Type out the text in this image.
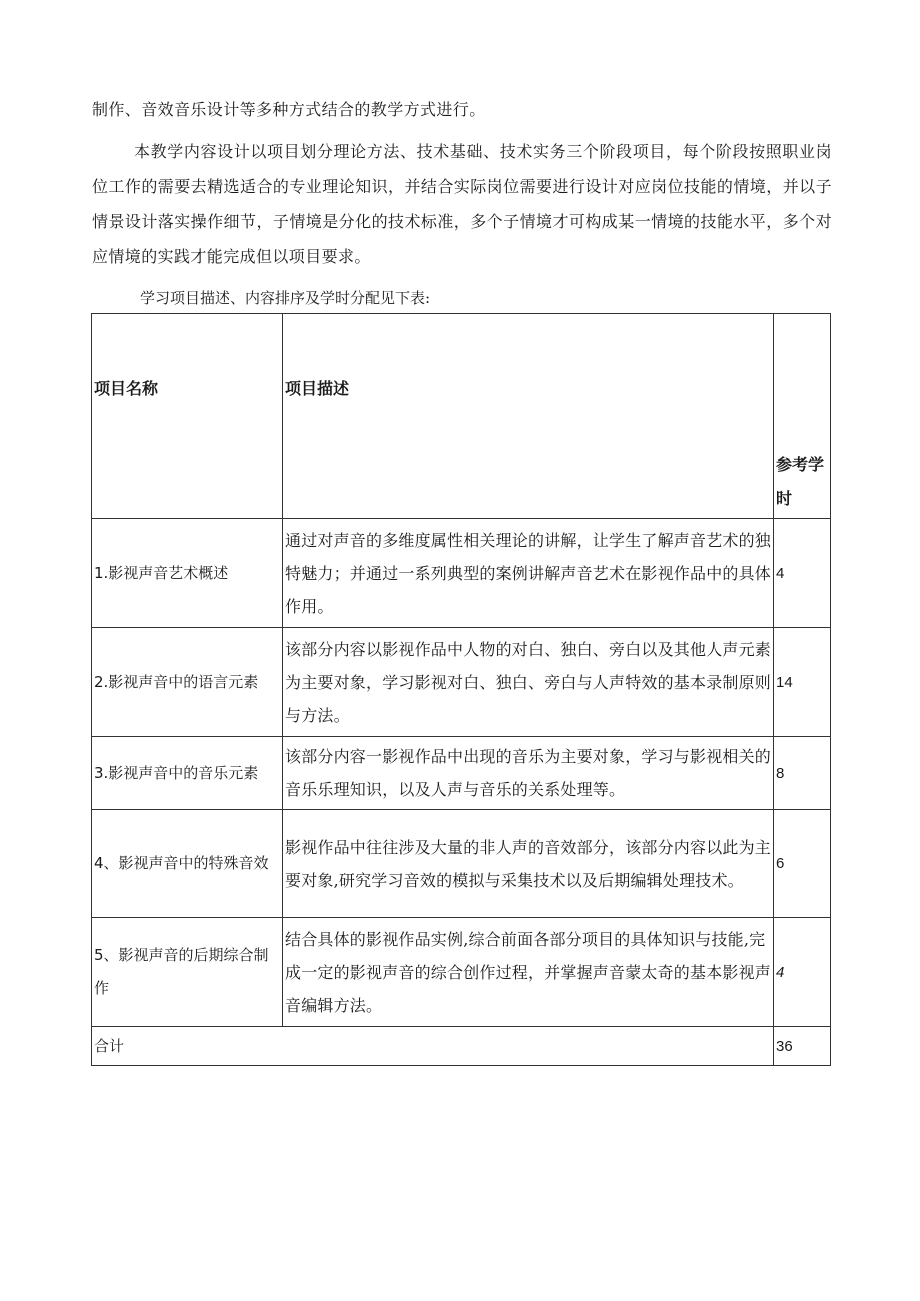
制作、音效音乐设计等多种方式结合的教学方式进行。

本教学内容设计以项目划分理论方法、技术基础、技术实务三个阶段项目，每个阶段按照职业岗位工作的需要去精选适合的专业理论知识，并结合实际岗位需要进行设计对应岗位技能的情境，并以子情景设计落实操作细节，子情境是分化的技术标准，多个子情境才可构成某一情境的技能水平，多个对应情境的实践才能完成但以项目要求。

学习项目描述、内容排序及学时分配见下表:

项目名称	项目描述	参考学时
1.影视声音艺术概述	通过对声音的多维度属性相关理论的讲解，让学生了解声音艺术的独特魅力；并通过一系列典型的案例讲解声音艺术在影视作品中的具体作用。	4
2.影视声音中的语言元素	该部分内容以影视作品中人物的对白、独白、旁白以及其他人声元素为主要对象，学习影视对白、独白、旁白与人声特效的基本录制原则与方法。	14
3.影视声音中的音乐元素	该部分内容一影视作品中出现的音乐为主要对象，学习与影视相关的音乐乐理知识，以及人声与音乐的关系处理等。	8
4、影视声音中的特殊音效	影视作品中往往涉及大量的非人声的音效部分，该部分内容以此为主要对象,研究学习音效的模拟与采集技术以及后期编辑处理技术。	6
5、影视声音的后期综合制作	结合具体的影视作品实例,综合前面各部分项目的具体知识与技能,完成一定的影视声音的综合创作过程，并掌握声音蒙太奇的基本影视声音编辑方法。	4
合计		36
